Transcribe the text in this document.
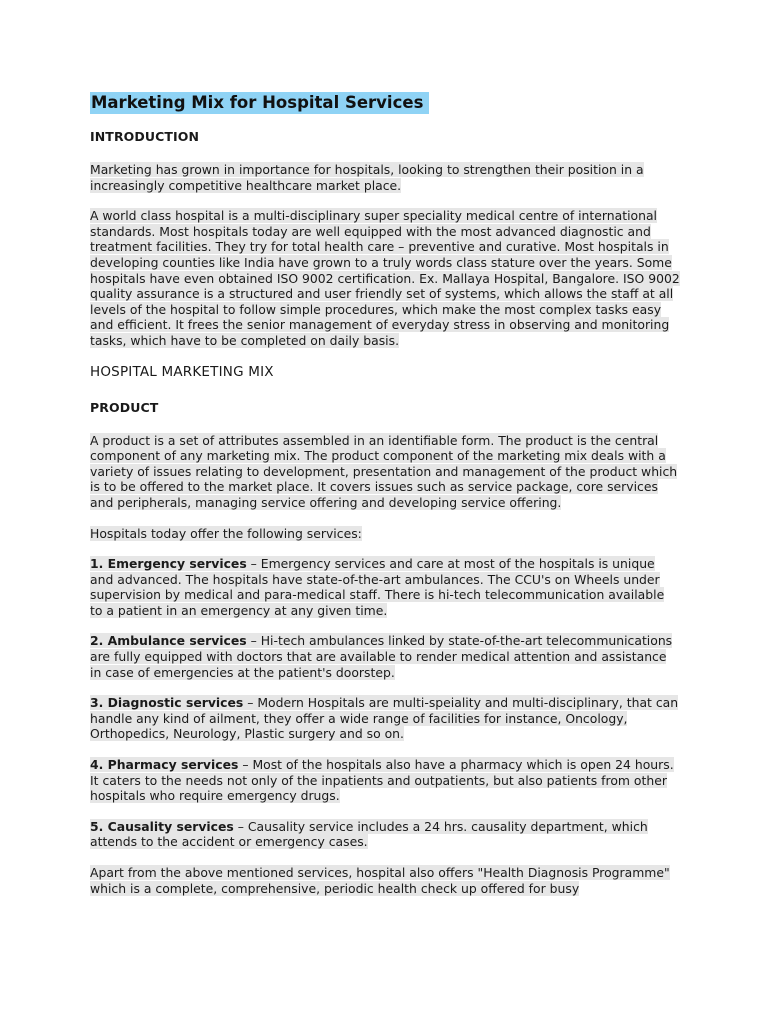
Marketing Mix for Hospital Services
INTRODUCTION
Marketing has grown in importance for hospitals, looking to strengthen their position in a increasingly competitive healthcare market place.
A world class hospital is a multi-disciplinary super speciality medical centre of international standards. Most hospitals today are well equipped with the most advanced diagnostic and treatment facilities. They try for total health care – preventive and curative. Most hospitals in developing counties like India have grown to a truly words class stature over the years. Some hospitals have even obtained ISO 9002 certification. Ex. Mallaya Hospital, Bangalore. ISO 9002 quality assurance is a structured and user friendly set of systems, which allows the staff at all levels of the hospital to follow simple procedures, which make the most complex tasks easy and efficient. It frees the senior management of everyday stress in observing and monitoring tasks, which have to be completed on daily basis.
HOSPITAL MARKETING MIX
PRODUCT
A product is a set of attributes assembled in an identifiable form. The product is the central component of any marketing mix. The product component of the marketing mix deals with a variety of issues relating to development, presentation and management of the product which is to be offered to the market place. It covers issues such as service package, core services and peripherals, managing service offering and developing service offering.
Hospitals today offer the following services:
1. Emergency services – Emergency services and care at most of the hospitals is unique and advanced. The hospitals have state-of-the-art ambulances. The CCU's on Wheels under supervision by medical and para-medical staff. There is hi-tech telecommunication available to a patient in an emergency at any given time.
2. Ambulance services – Hi-tech ambulances linked by state-of-the-art telecommunications are fully equipped with doctors that are available to render medical attention and assistance in case of emergencies at the patient's doorstep.
3. Diagnostic services – Modern Hospitals are multi-speiality and multi-disciplinary, that can handle any kind of ailment, they offer a wide range of facilities for instance, Oncology, Orthopedics, Neurology, Plastic surgery and so on.
4. Pharmacy services – Most of the hospitals also have a pharmacy which is open 24 hours. It caters to the needs not only of the inpatients and outpatients, but also patients from other hospitals who require emergency drugs.
5. Causality services – Causality service includes a 24 hrs. causality department, which attends to the accident or emergency cases.
Apart from the above mentioned services, hospital also offers "Health Diagnosis Programme" which is a complete, comprehensive, periodic health check up offered for busy
